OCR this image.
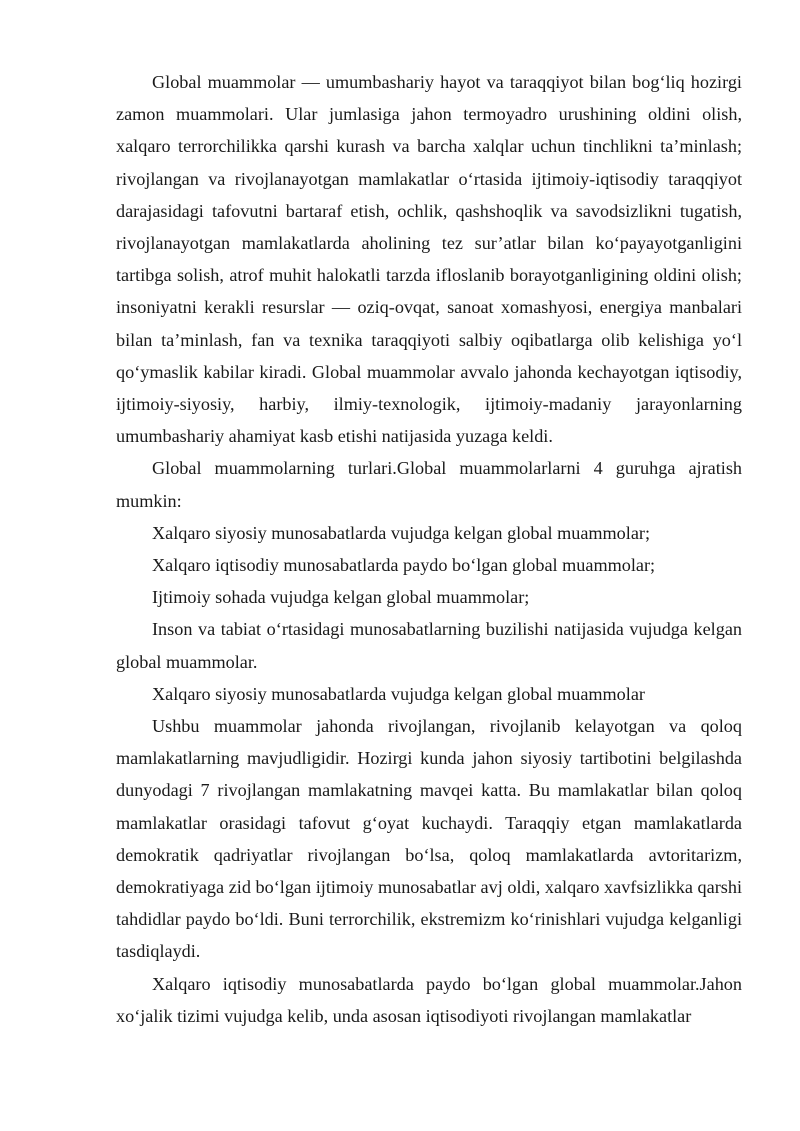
Global muammolar — umumbashariy hayot va taraqqiyot bilan bog‘liq hozirgi zamon muammolari. Ular jumlasiga jahon termoyadro urushining oldini olish, xalqaro terrorchilikka qarshi kurash va barcha xalqlar uchun tinchlikni ta’minlash; rivojlangan va rivojlanayotgan mamlakatlar o‘rtasida ijtimoiy-iqtisodiy taraqqiyot darajasidagi tafovutni bartaraf etish, ochlik, qashshoqlik va savodsizlikni tugatish, rivojlanayotgan mamlakatlarda aholining tez sur’atlar bilan ko‘payayotganligini tartibga solish, atrof muhit halokatli tarzda ifloslanib borayotganligining oldini olish; insoniyatni kerakli resurslar — oziq-ovqat, sanoat xomashyosi, energiya manbalari bilan ta’minlash, fan va texnika taraqqiyoti salbiy oqibatlarga olib kelishiga yo‘l qo‘ymaslik kabilar kiradi. Global muammolar avvalo jahonda kechayotgan iqtisodiy, ijtimoiy-siyosiy, harbiy, ilmiy-texnologik, ijtimoiy-madaniy jarayonlarning umumbashariy ahamiyat kasb etishi natijasida yuzaga keldi.

Global muammolarning turlari.Global muammolarlarni 4 guruhga ajratish mumkin:

Xalqaro siyosiy munosabatlarda vujudga kelgan global muammolar;

Xalqaro iqtisodiy munosabatlarda paydo bo‘lgan global muammolar;

Ijtimoiy sohada vujudga kelgan global muammolar;

Inson va tabiat o‘rtasidagi munosabatlarning buzilishi natijasida vujudga kelgan global muammolar.

Xalqaro siyosiy munosabatlarda vujudga kelgan global muammolar

Ushbu muammolar jahonda rivojlangan, rivojlanib kelayotgan va qoloq mamlakatlarning mavjudligidir. Hozirgi kunda jahon siyosiy tartibotini belgilashda dunyodagi 7 rivojlangan mamlakatning mavqei katta. Bu mamlakatlar bilan qoloq mamlakatlar orasidagi tafovut g‘oyat kuchaydi. Taraqqiy etgan mamlakatlarda demokratik qadriyatlar rivojlangan bo‘lsa, qoloq mamlakatlarda avtoritarizm, demokratiyaga zid bo‘lgan ijtimoiy munosabatlar avj oldi, xalqaro xavfsizlikka qarshi tahdidlar paydo bo‘ldi. Buni terrorchilik, ekstremizm ko‘rinishlari vujudga kelganligi tasdiqlaydi.

Xalqaro iqtisodiy munosabatlarda paydo bo‘lgan global muammolar.Jahon xo‘jalik tizimi vujudga kelib, unda asosan iqtisodiyoti rivojlangan mamlakatlar
